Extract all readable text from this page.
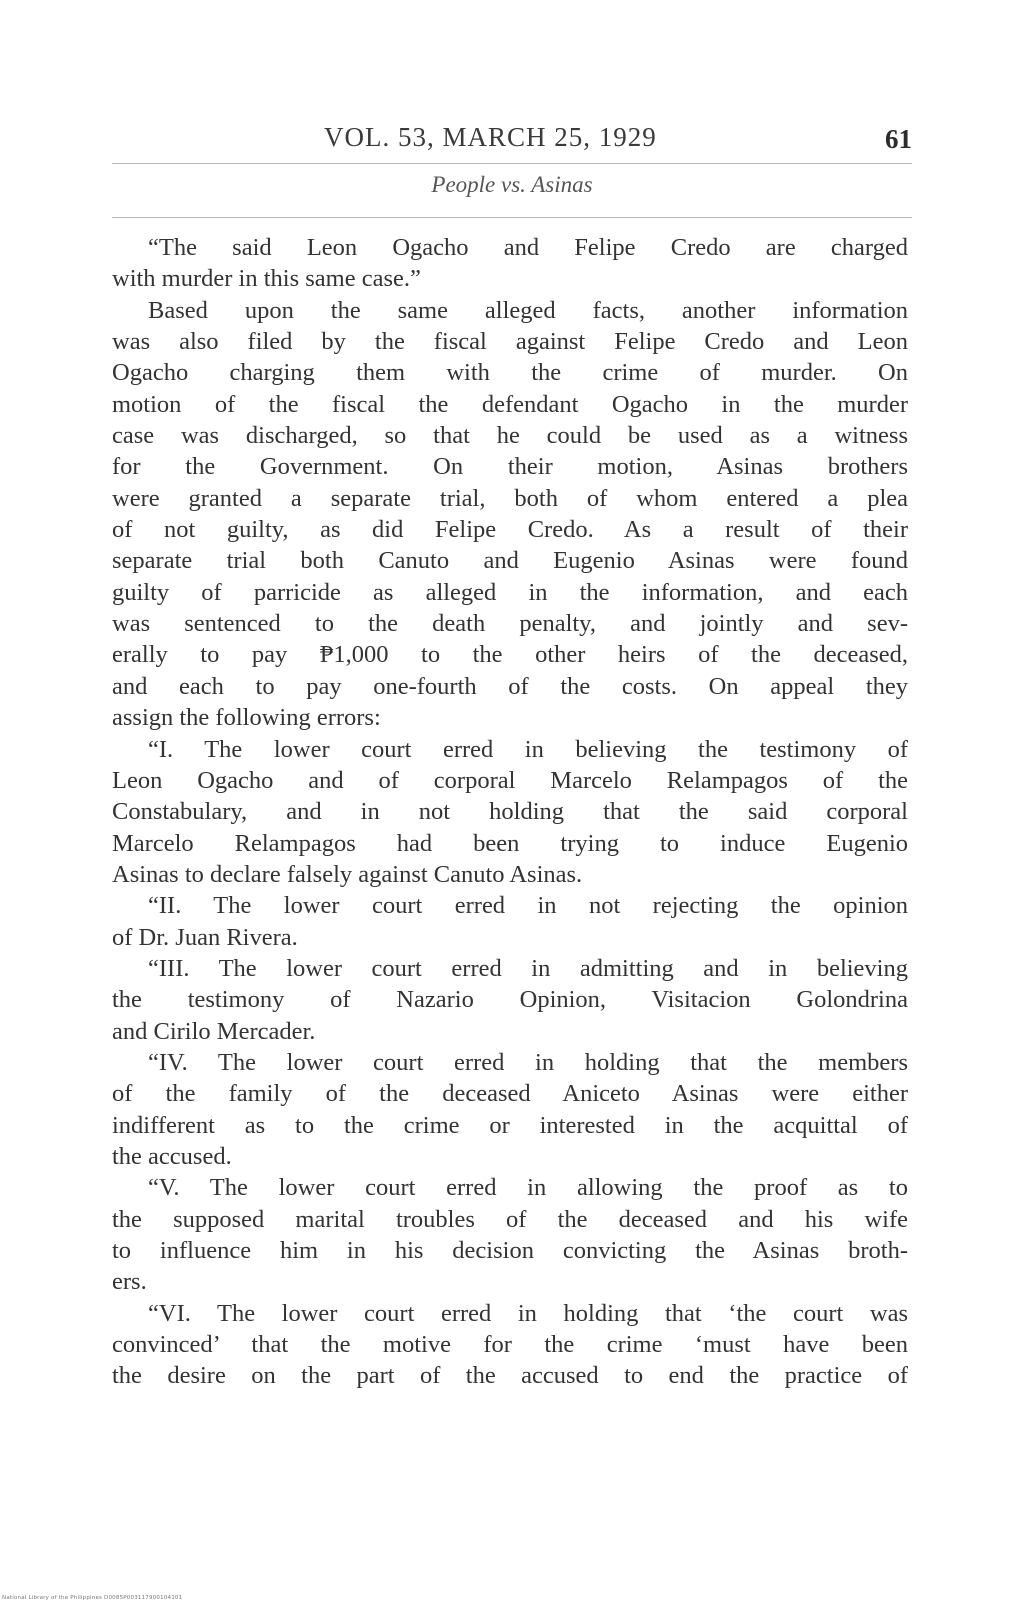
VOL. 53, MARCH 25, 1929	61
People vs. Asinas
“The said Leon Ogacho and Felipe Credo are charged
with murder in this same case.”
Based upon the same alleged facts, another information
was also filed by the fiscal against Felipe Credo and Leon
Ogacho charging them with the crime of murder. On
motion of the fiscal the defendant Ogacho in the murder
case was discharged, so that he could be used as a witness
for the Government. On their motion, Asinas brothers
were granted a separate trial, both of whom entered a plea
of not guilty, as did Felipe Credo. As a result of their
separate trial both Canuto and Eugenio Asinas were found
guilty of parricide as alleged in the information, and each
was sentenced to the death penalty, and jointly and sev-
erally to pay ₱1,000 to the other heirs of the deceased,
and each to pay one-fourth of the costs. On appeal they
assign the following errors:
“I. The lower court erred in believing the testimony of
Leon Ogacho and of corporal Marcelo Relampagos of the
Constabulary, and in not holding that the said corporal
Marcelo Relampagos had been trying to induce Eugenio
Asinas to declare falsely against Canuto Asinas.
“II. The lower court erred in not rejecting the opinion
of Dr. Juan Rivera.
“III. The lower court erred in admitting and in believing
the testimony of Nazario Opinion, Visitacion Golondrina
and Cirilo Mercader.
“IV. The lower court erred in holding that the members
of the family of the deceased Aniceto Asinas were either
indifferent as to the crime or interested in the acquittal of
the accused.
“V. The lower court erred in allowing the proof as to
the supposed marital troubles of the deceased and his wife
to influence him in his decision convicting the Asinas broth-
ers.
“VI. The lower court erred in holding that ‘the court was
convinced’ that the motive for the crime ‘must have been
the desire on the part of the accused to end the practice of
National Library of the Philippines D0085P003117900104101
